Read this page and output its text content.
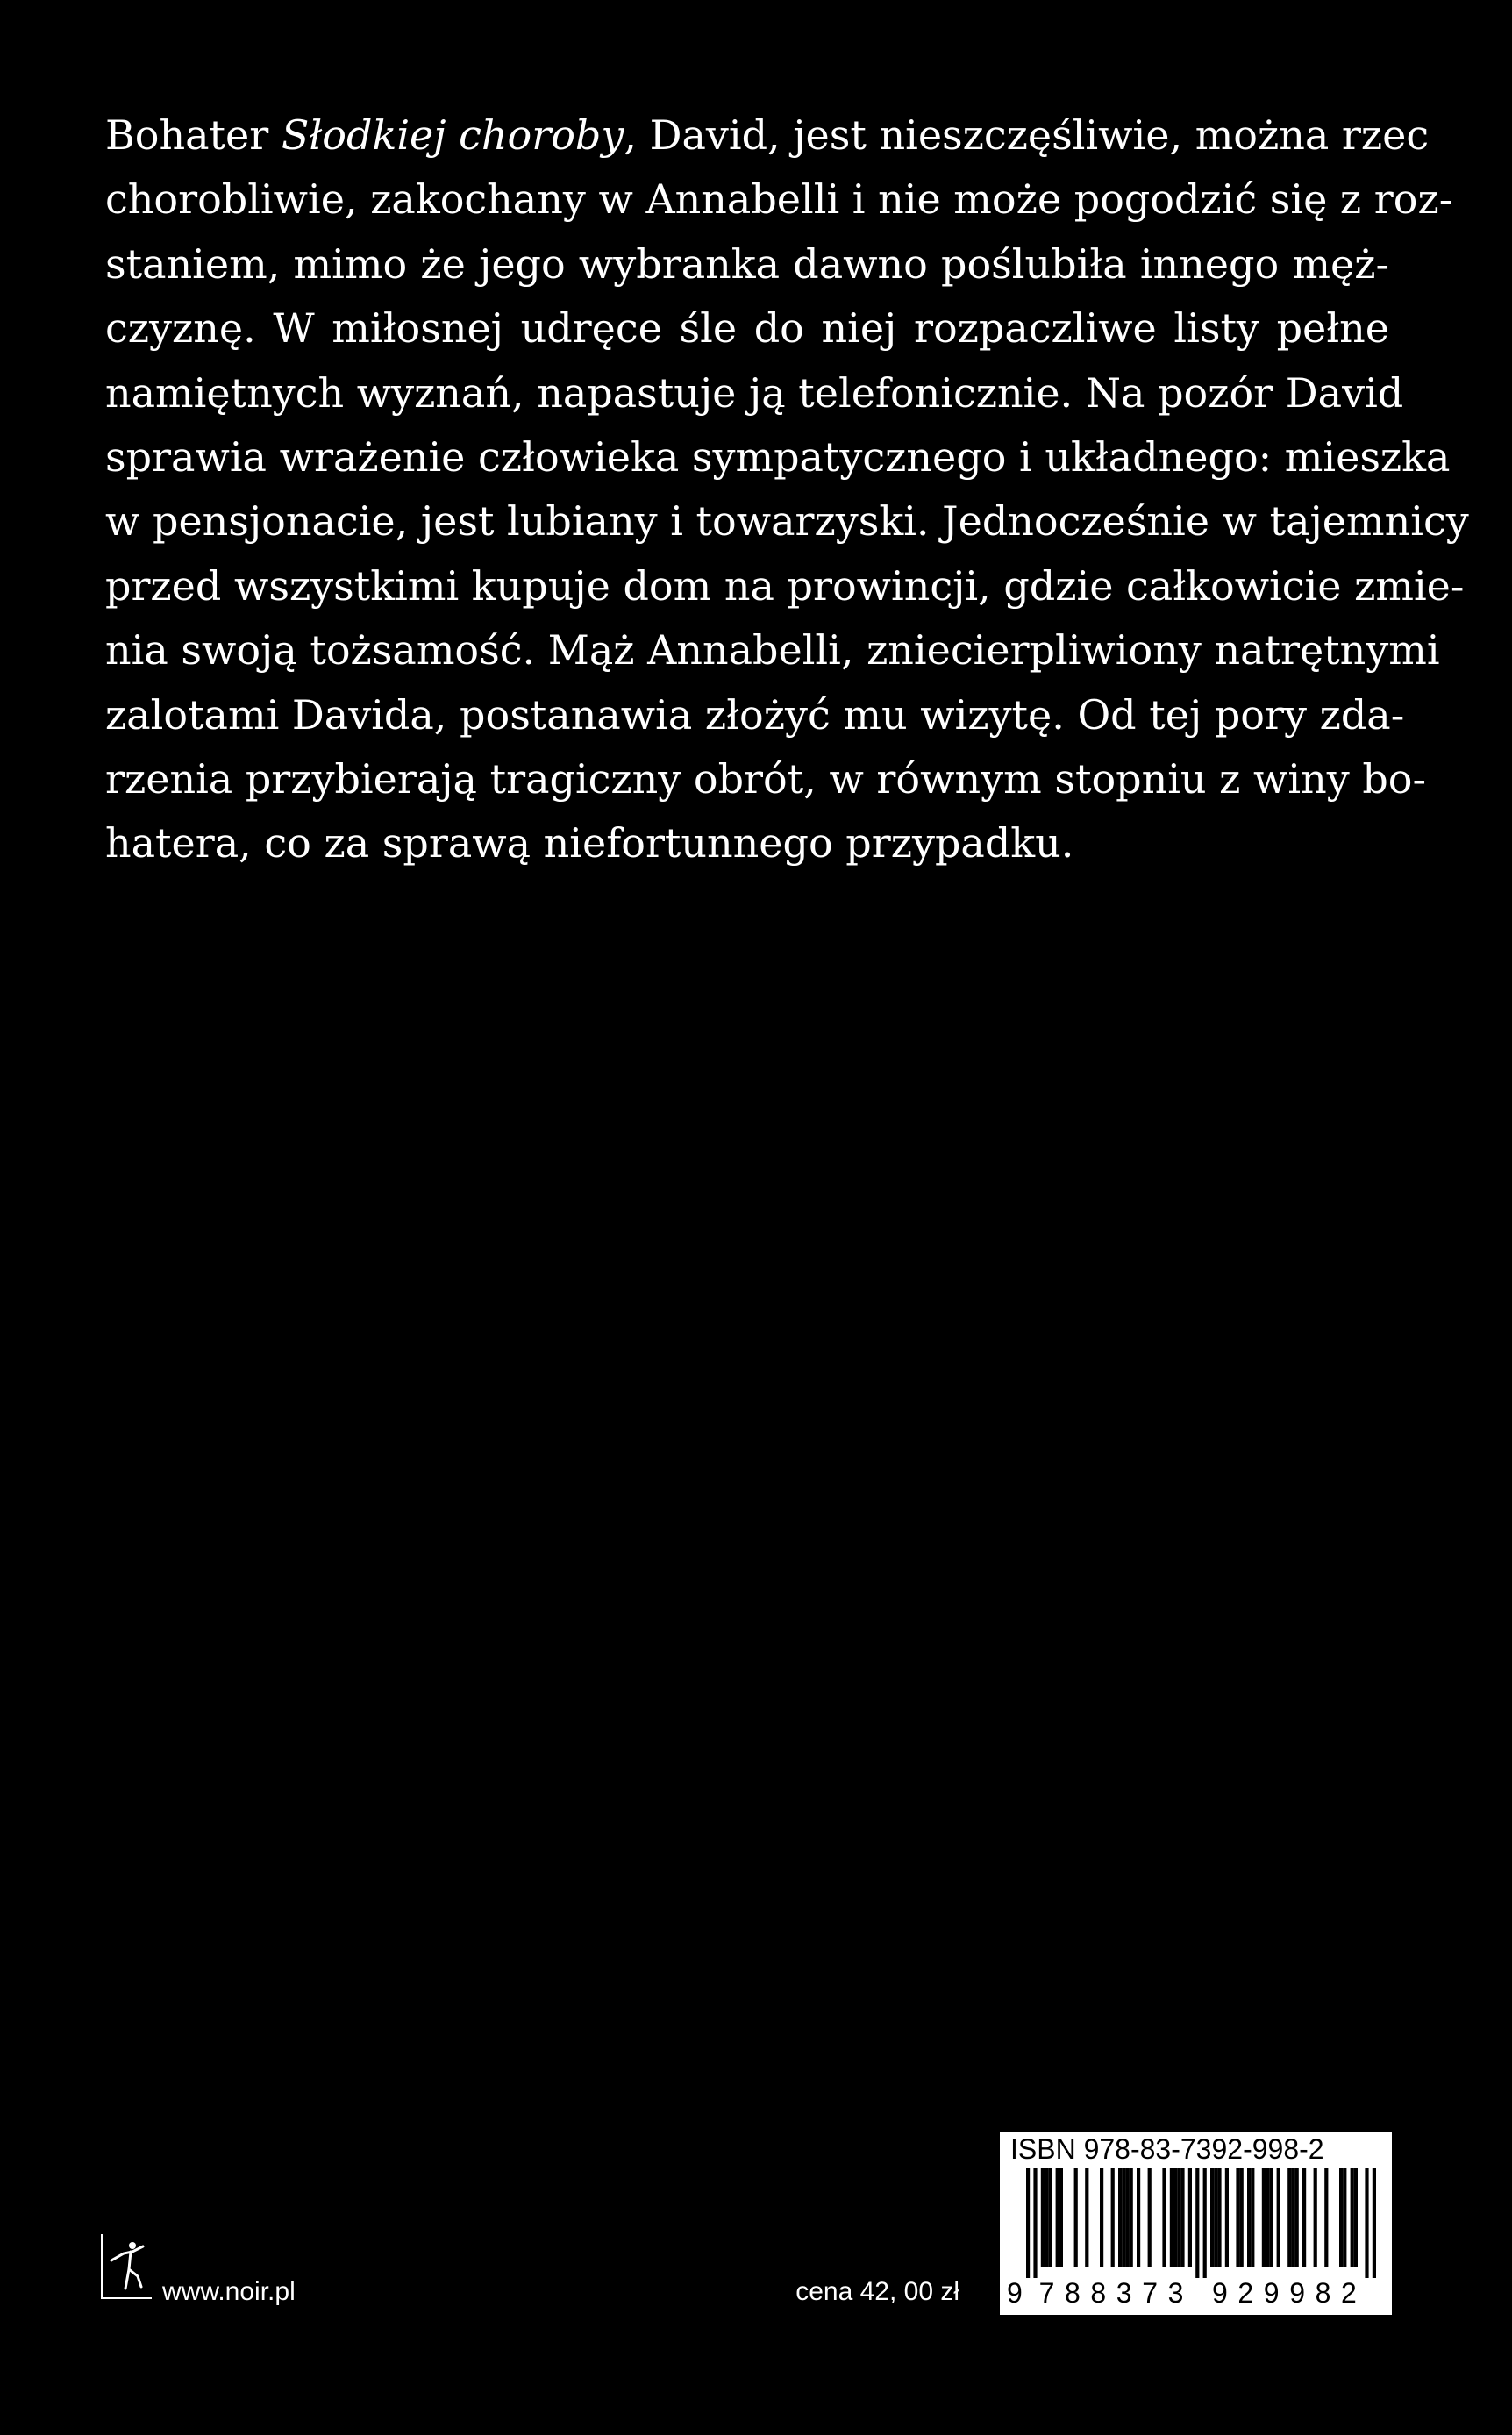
Bohater Słodkiej choroby, David, jest nieszczęśliwie, można rzec
chorobliwie, zakochany w Annabelli i nie może pogodzić się z roz-
staniem, mimo że jego wybranka dawno poślubiła innego męż-
czyznę. W miłosnej udręce śle do niej rozpaczliwe listy pełne
namiętnych wyznań, napastuje ją telefonicznie. Na pozór David
sprawia wrażenie człowieka sympatycznego i układnego: mieszka
w pensjonacie, jest lubiany i towarzyski. Jednocześnie w tajemnicy
przed wszystkimi kupuje dom na prowincji, gdzie całkowicie zmie-
nia swoją tożsamość. Mąż Annabelli, zniecierpliwiony natrętnymi
zalotami Davida, postanawia złożyć mu wizytę. Od tej pory zda-
rzenia przybierają tragiczny obrót, w równym stopniu z winy bo-
hatera, co za sprawą niefortunnego przypadku.
www.noir.pl	cena 42, 00 zł
ISBN 978-83-7392-998-2
9 7 8 8 3 7 3 9 2 9 9 8 2
